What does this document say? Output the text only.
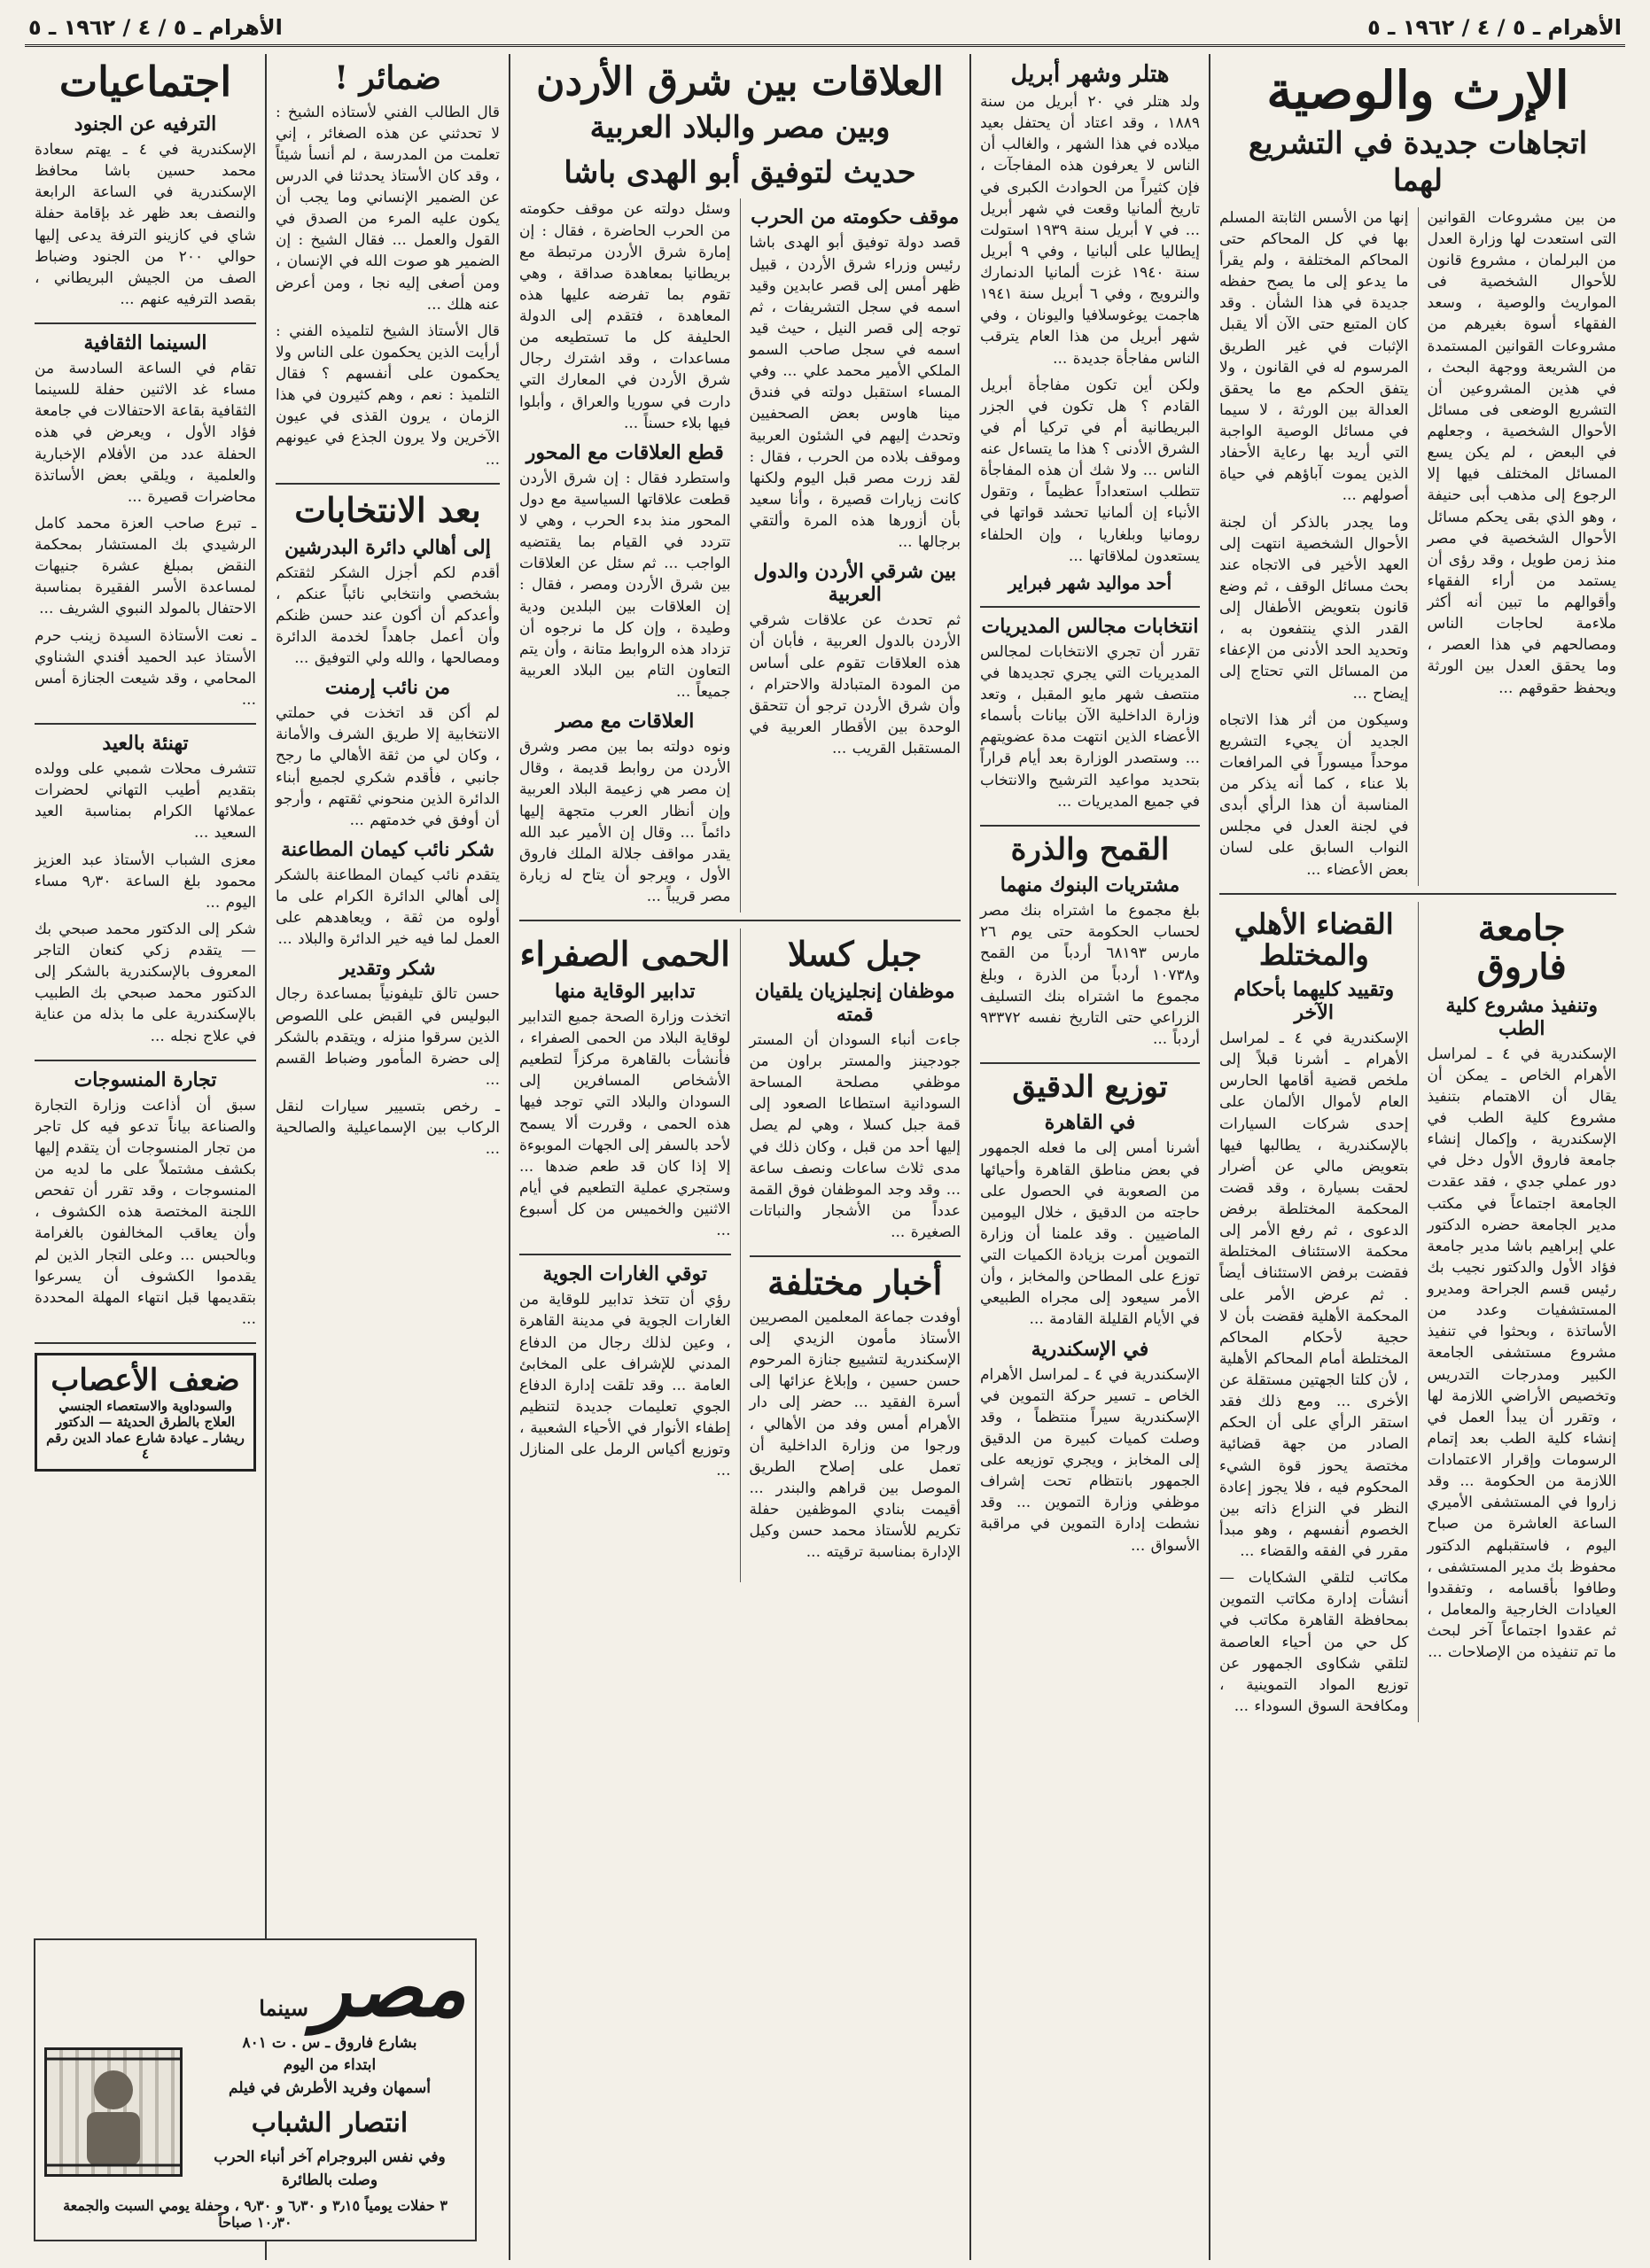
الأهرام ـ ٥ / ٤ / ١٩٦٢ ـ ٥
الأهرام ـ ٥ / ٤ / ١٩٦٢ ـ ٥
الإرث والوصية
اتجاهات جديدة في التشريع لهما

من بين مشروعات القوانين التى استعدت لها وزارة العدل من البرلمان ، مشروع قانون للأحوال الشخصية فى المواريث والوصية ، وسعد الفقهاء أسوة بغيرهم من مشروعات القوانين المستمدة من الشريعة ووجهة البحث ، في هذين المشروعين أن التشريع الوضعى فى مسائل الأحوال الشخصية ، وجعلهم في البعض ، لم يكن يسع المسائل المختلف فيها إلا الرجوع إلى مذهب أبى حنيفة ، وهو الذي بقى يحكم مسائل الأحوال الشخصية في مصر منذ زمن طويل ، وقد رؤى أن يستمد من أراء الفقهاء وأقوالهم ما تبين أنه أكثر ملاءمة لحاجات الناس ومصالحهم في هذا العصر ، وما يحقق العدل بين الورثة ويحفظ حقوقهم ...

إنها من الأسس الثابتة المسلم بها في كل المحاكم حتى المحاكم المختلفة ، ولم يقرأ ما يدعو إلى ما يصح حفظه جديدة في هذا الشأن . وقد كان المتبع حتى الآن ألا يقبل الإثبات في غير الطريق المرسوم له في القانون ، ولا يتفق الحكم مع ما يحقق العدالة بين الورثة ، لا سيما في مسائل الوصية الواجبة التي أريد بها رعاية الأحفاد الذين يموت آباؤهم في حياة أصولهم ...

وما يجدر بالذكر أن لجنة الأحوال الشخصية انتهت إلى العهد الأخير فى الاتجاه عند بحث مسائل الوقف ، ثم وضع قانون بتعويض الأطفال إلى القدر الذي ينتفعون به ، وتحديد الحد الأدنى من الإعفاء من المسائل التي تحتاج إلى إيضاح ...

وسيكون من أثر هذا الاتجاه الجديد أن يجيء التشريع موحداً ميسوراً في المرافعات بلا عناء ، كما أنه يذكر من المناسبة أن هذا الرأي أبدى في لجنة العدل في مجلس النواب السابق على لسان بعض الأعضاء ...

جامعة فاروق
وتنفيذ مشروع كلية الطب

الإسكندرية في ٤ ـ لمراسل الأهرام الخاص ـ يمكن أن يقال أن الاهتمام بتنفيذ مشروع كلية الطب في الإسكندرية ، وإكمال إنشاء جامعة فاروق الأول دخل في دور عملي جدي ، فقد عقدت الجامعة اجتماعاً في مكتب مدير الجامعة حضره الدكتور علي إبراهيم باشا مدير جامعة فؤاد الأول والدكتور نجيب بك رئيس قسم الجراحة ومديرو المستشفيات وعدد من الأساتذة ، وبحثوا في تنفيذ مشروع مستشفى الجامعة الكبير ومدرجات التدريس وتخصيص الأراضي اللازمة لها ، وتقرر أن يبدأ العمل في إنشاء كلية الطب بعد إتمام الرسومات وإقرار الاعتمادات اللازمة من الحكومة ... وقد زاروا في المستشفى الأميري الساعة العاشرة من صباح اليوم ، فاستقبلهم الدكتور محفوظ بك مدير المستشفى ، وطافوا بأقسامه ، وتفقدوا العيادات الخارجية والمعامل ، ثم عقدوا اجتماعاً آخر لبحث ما تم تنفيذه من الإصلاحات ...

القضاء الأهلي والمختلط
وتقييد كليهما بأحكام الآخر

الإسكندرية في ٤ ـ لمراسل الأهرام ـ أشرنا قبلاً إلى ملخص قضية أقامها الحارس العام لأموال الألمان على إحدى شركات السيارات بالإسكندرية ، يطالبها فيها بتعويض مالي عن أضرار لحقت بسيارة ، وقد قضت المحكمة المختلطة برفض الدعوى ، ثم رفع الأمر إلى محكمة الاستئناف المختلطة فقضت برفض الاستئناف أيضاً . ثم عرض الأمر على المحكمة الأهلية فقضت بأن لا حجية لأحكام المحاكم المختلطة أمام المحاكم الأهلية ، لأن كلتا الجهتين مستقلة عن الأخرى ... ومع ذلك فقد استقر الرأي على أن الحكم الصادر من جهة قضائية مختصة يحوز قوة الشيء المحكوم فيه ، فلا يجوز إعادة النظر في النزاع ذاته بين الخصوم أنفسهم ، وهو مبدأ مقرر في الفقه والقضاء ...

مكاتب لتلقي الشكايات — أنشأت إدارة مكاتب التموين بمحافظة القاهرة مكاتب في كل حي من أحياء العاصمة لتلقي شكاوى الجمهور عن توزيع المواد التموينية ، ومكافحة السوق السوداء ...

هتلر وشهر أبريل

ولد هتلر في ٢٠ أبريل من سنة ١٨٨٩ ، وقد اعتاد أن يحتفل بعيد ميلاده في هذا الشهر ، والغالب أن الناس لا يعرفون هذه المفاجآت ، فإن كثيراً من الحوادث الكبرى في تاريخ ألمانيا وقعت في شهر أبريل ... في ٧ أبريل سنة ١٩٣٩ استولت إيطاليا على ألبانيا ، وفي ٩ أبريل سنة ١٩٤٠ غزت ألمانيا الدنمارك والنرويج ، وفي ٦ أبريل سنة ١٩٤١ هاجمت يوغوسلافيا واليونان ، وفي شهر أبريل من هذا العام يترقب الناس مفاجأة جديدة ...

ولكن أين تكون مفاجأة أبريل القادم ؟ هل تكون في الجزر البريطانية أم في تركيا أم في الشرق الأدنى ؟ هذا ما يتساءل عنه الناس ... ولا شك أن هذه المفاجأة تتطلب استعداداً عظيماً ، وتقول الأنباء إن ألمانيا تحشد قواتها في رومانيا وبلغاريا ، وإن الحلفاء يستعدون لملاقاتها ...

أحد مواليد شهر فبراير
انتخابات مجالس المديريات

تقرر أن تجري الانتخابات لمجالس المديريات التي يجري تجديدها في منتصف شهر مايو المقبل ، وتعد وزارة الداخلية الآن بيانات بأسماء الأعضاء الذين انتهت مدة عضويتهم ... وستصدر الوزارة بعد أيام قراراً بتحديد مواعيد الترشيح والانتخاب في جميع المديريات ...

القمح والذرة
مشتريات البنوك منهما

بلغ مجموع ما اشتراه بنك مصر لحساب الحكومة حتى يوم ٢٦ مارس ٦٨١٩٣ أردباً من القمح و١٠٧٣٨ أردباً من الذرة ، وبلغ مجموع ما اشتراه بنك التسليف الزراعي حتى التاريخ نفسه ٩٣٣٧٢ أردباً ...

توزيع الدقيق
في القاهرة

أشرنا أمس إلى ما فعله الجمهور في بعض مناطق القاهرة وأحيائها من الصعوبة في الحصول على حاجته من الدقيق ، خلال اليومين الماضيين . وقد علمنا أن وزارة التموين أمرت بزيادة الكميات التي توزع على المطاحن والمخابز ، وأن الأمر سيعود إلى مجراه الطبيعي في الأيام القليلة القادمة ...

في الإسكندرية

الإسكندرية في ٤ ـ لمراسل الأهرام الخاص ـ تسير حركة التموين في الإسكندرية سيراً منتظماً ، وقد وصلت كميات كبيرة من الدقيق إلى المخابز ، ويجري توزيعه على الجمهور بانتظام تحت إشراف موظفي وزارة التموين ... وقد نشطت إدارة التموين في مراقبة الأسواق ...

العلاقات بين شرق الأردن
وبين مصر والبلاد العربية
حديث لتوفيق أبو الهدى باشا
موقف حكومته من الحرب

قصد دولة توفيق أبو الهدى باشا رئيس وزراء شرق الأردن ، قبيل ظهر أمس إلى قصر عابدين وقيد اسمه في سجل التشريفات ، ثم توجه إلى قصر النيل ، حيث قيد اسمه في سجل صاحب السمو الملكي الأمير محمد علي ... وفي المساء استقبل دولته في فندق مينا هاوس بعض الصحفيين وتحدث إليهم في الشئون العربية وموقف بلاده من الحرب ، فقال : لقد زرت مصر قبل اليوم ولكنها كانت زيارات قصيرة ، وأنا سعيد بأن أزورها هذه المرة وألتقي برجالها ...

بين شرقي الأردن والدول العربية

ثم تحدث عن علاقات شرقي الأردن بالدول العربية ، فأبان أن هذه العلاقات تقوم على أساس من المودة المتبادلة والاحترام ، وأن شرق الأردن ترجو أن تتحقق الوحدة بين الأقطار العربية في المستقبل القريب ...

وسئل دولته عن موقف حكومته من الحرب الحاضرة ، فقال : إن إمارة شرق الأردن مرتبطة مع بريطانيا بمعاهدة صداقة ، وهي تقوم بما تفرضه عليها هذه المعاهدة ، فتقدم إلى الدولة الحليفة كل ما تستطيعه من مساعدات ، وقد اشترك رجال شرق الأردن في المعارك التي دارت في سوريا والعراق ، وأبلوا فيها بلاء حسناً ...

قطع العلاقات مع المحور

واستطرد فقال : إن شرق الأردن قطعت علاقاتها السياسية مع دول المحور منذ بدء الحرب ، وهي لا تتردد في القيام بما يقتضيه الواجب ... ثم سئل عن العلاقات بين شرق الأردن ومصر ، فقال : إن العلاقات بين البلدين ودية وطيدة ، وإن كل ما نرجوه أن تزداد هذه الروابط متانة ، وأن يتم التعاون التام بين البلاد العربية جميعاً ...

العلاقات مع مصر

ونوه دولته بما بين مصر وشرق الأردن من روابط قديمة ، وقال إن مصر هي زعيمة البلاد العربية وإن أنظار العرب متجهة إليها دائماً ... وقال إن الأمير عبد الله يقدر مواقف جلالة الملك فاروق الأول ، ويرجو أن يتاح له زيارة مصر قريباً ...

جبل كسلا
موظفان إنجليزيان يلقيان قمته

جاءت أنباء السودان أن المستر جودجينز والمستر براون من موظفي مصلحة المساحة السودانية استطاعا الصعود إلى قمة جبل كسلا ، وهي لم يصل إليها أحد من قبل ، وكان ذلك في مدى ثلاث ساعات ونصف ساعة ... وقد وجد الموظفان فوق القمة عدداً من الأشجار والنباتات الصغيرة ...

أخبار مختلفة

أوفدت جماعة المعلمين المصريين الأستاذ مأمون الزيدي إلى الإسكندرية لتشييع جنازة المرحوم حسن حسين ، وإبلاغ عزائها إلى أسرة الفقيد ... حضر إلى دار الأهرام أمس وفد من الأهالي ، ورجوا من وزارة الداخلية أن تعمل على إصلاح الطريق الموصل بين قراهم والبندر ... أقيمت بنادي الموظفين حفلة تكريم للأستاذ محمد حسن وكيل الإدارة بمناسبة ترقيته ...

الحمى الصفراء
تدابير الوقاية منها

اتخذت وزارة الصحة جميع التدابير لوقاية البلاد من الحمى الصفراء ، فأنشأت بالقاهرة مركزاً لتطعيم الأشخاص المسافرين إلى السودان والبلاد التي توجد فيها هذه الحمى ، وقررت ألا يسمح لأحد بالسفر إلى الجهات الموبوءة إلا إذا كان قد طعم ضدها ... وستجري عملية التطعيم في أيام الاثنين والخميس من كل أسبوع ...

توقي الغارات الجوية

رؤي أن تتخذ تدابير للوقاية من الغارات الجوية في مدينة القاهرة ، وعين لذلك رجال من الدفاع المدني للإشراف على المخابئ العامة ... وقد تلقت إدارة الدفاع الجوي تعليمات جديدة لتنظيم إطفاء الأنوار في الأحياء الشعبية ، وتوزيع أكياس الرمل على المنازل ...

ضمائر !

قال الطالب الفني لأستاذه الشيخ : لا تحدثني عن هذه الصغائر ، إني تعلمت من المدرسة ، لم أنسأ شيئاً ، وقد كان الأستاذ يحدثنا في الدرس عن الضمير الإنساني وما يجب أن يكون عليه المرء من الصدق في القول والعمل ... فقال الشيخ : إن الضمير هو صوت الله في الإنسان ، ومن أصغى إليه نجا ، ومن أعرض عنه هلك ...

قال الأستاذ الشيخ لتلميذه الفني : أرأيت الذين يحكمون على الناس ولا يحكمون على أنفسهم ؟ فقال التلميذ : نعم ، وهم كثيرون في هذا الزمان ، يرون القذى في عيون الآخرين ولا يرون الجذع في عيونهم ...

بعد الانتخابات
إلى أهالي دائرة البدرشين

أقدم لكم أجزل الشكر لثقتكم بشخصي وانتخابي نائباً عنكم ، وأعدكم أن أكون عند حسن ظنكم وأن أعمل جاهداً لخدمة الدائرة ومصالحها ، والله ولي التوفيق ...

من نائب إرمنت

لم أكن قد اتخذت في حملتي الانتخابية إلا طريق الشرف والأمانة ، وكان لي من ثقة الأهالي ما رجح جانبي ، فأقدم شكري لجميع أبناء الدائرة الذين منحوني ثقتهم ، وأرجو أن أوفق في خدمتهم ...

شكر نائب كيمان المطاعنة

يتقدم نائب كيمان المطاعنة بالشكر إلى أهالي الدائرة الكرام على ما أولوه من ثقة ، ويعاهدهم على العمل لما فيه خير الدائرة والبلاد ...

شكر وتقدير

حسن تالق تليفونياً بمساعدة رجال البوليس في القبض على اللصوص الذين سرقوا منزله ، ويتقدم بالشكر إلى حضرة المأمور وضباط القسم ...

ـ رخص بتسيير سيارات لنقل الركاب بين الإسماعيلية والصالحية ...

اجتماعيات
الترفيه عن الجنود

الإسكندرية في ٤ ـ يهتم سعادة محمد حسين باشا محافظ الإسكندرية في الساعة الرابعة والنصف بعد ظهر غد بإقامة حفلة شاي في كازينو الترفة يدعى إليها حوالي ٢٠٠ من الجنود وضباط الصف من الجيش البريطاني ، بقصد الترفيه عنهم ...

السينما الثقافية

تقام في الساعة السادسة من مساء غد الاثنين حفلة للسينما الثقافية بقاعة الاحتفالات في جامعة فؤاد الأول ، ويعرض في هذه الحفلة عدد من الأفلام الإخبارية والعلمية ، ويلقي بعض الأساتذة محاضرات قصيرة ...

ـ تبرع صاحب العزة محمد كامل الرشيدي بك المستشار بمحكمة النقض بمبلغ عشرة جنيهات لمساعدة الأسر الفقيرة بمناسبة الاحتفال بالمولد النبوي الشريف ...

ـ نعت الأستاذة السيدة زينب حرم الأستاذ عبد الحميد أفندي الشناوي المحامي ، وقد شيعت الجنازة أمس ...

تهنئة بالعيد

تتشرف محلات شمبي على وولده بتقديم أطيب التهاني لحضرات عملائها الكرام بمناسبة العيد السعيد ...

معزى الشباب الأستاذ عبد العزيز محمود بلغ الساعة ٩٫٣٠ مساء اليوم ...

شكر إلى الدكتور محمد صبحي بك — يتقدم زكي كنعان التاجر المعروف بالإسكندرية بالشكر إلى الدكتور محمد صبحي بك الطبيب بالإسكندرية على ما بذله من عناية في علاج نجله ...

تجارة المنسوجات

سبق أن أذاعت وزارة التجارة والصناعة بياناً تدعو فيه كل تاجر من تجار المنسوجات أن يتقدم إليها بكشف مشتملاً على ما لديه من المنسوجات ، وقد تقرر أن تفحص اللجنة المختصة هذه الكشوف ، وأن يعاقب المخالفون بالغرامة وبالحبس ... وعلى التجار الذين لم يقدموا الكشوف أن يسرعوا بتقديمها قبل انتهاء المهلة المحددة ...

ضعف الأعصاب
والسوداوية والاستعصاء الجنسي العلاج بالطرق الحديثة — الدكتور ريشار ـ عيادة شارع عماد الدين رقم ٤
مصر
سينما
بشارع فاروق ـ س . ت ٨٠١
ابتداء من اليوم
أسمهان وفريد الأطرش في فيلم
انتصار الشباب
وفي نفس البروجرام آخر أنباء الحرب وصلت بالطائرة
٣ حفلات يومياً ٣٫١٥ و ٦٫٣٠ و ٩٫٣٠ ، وحفلة يومي السبت والجمعة ١٠٫٣٠ صباحاً
